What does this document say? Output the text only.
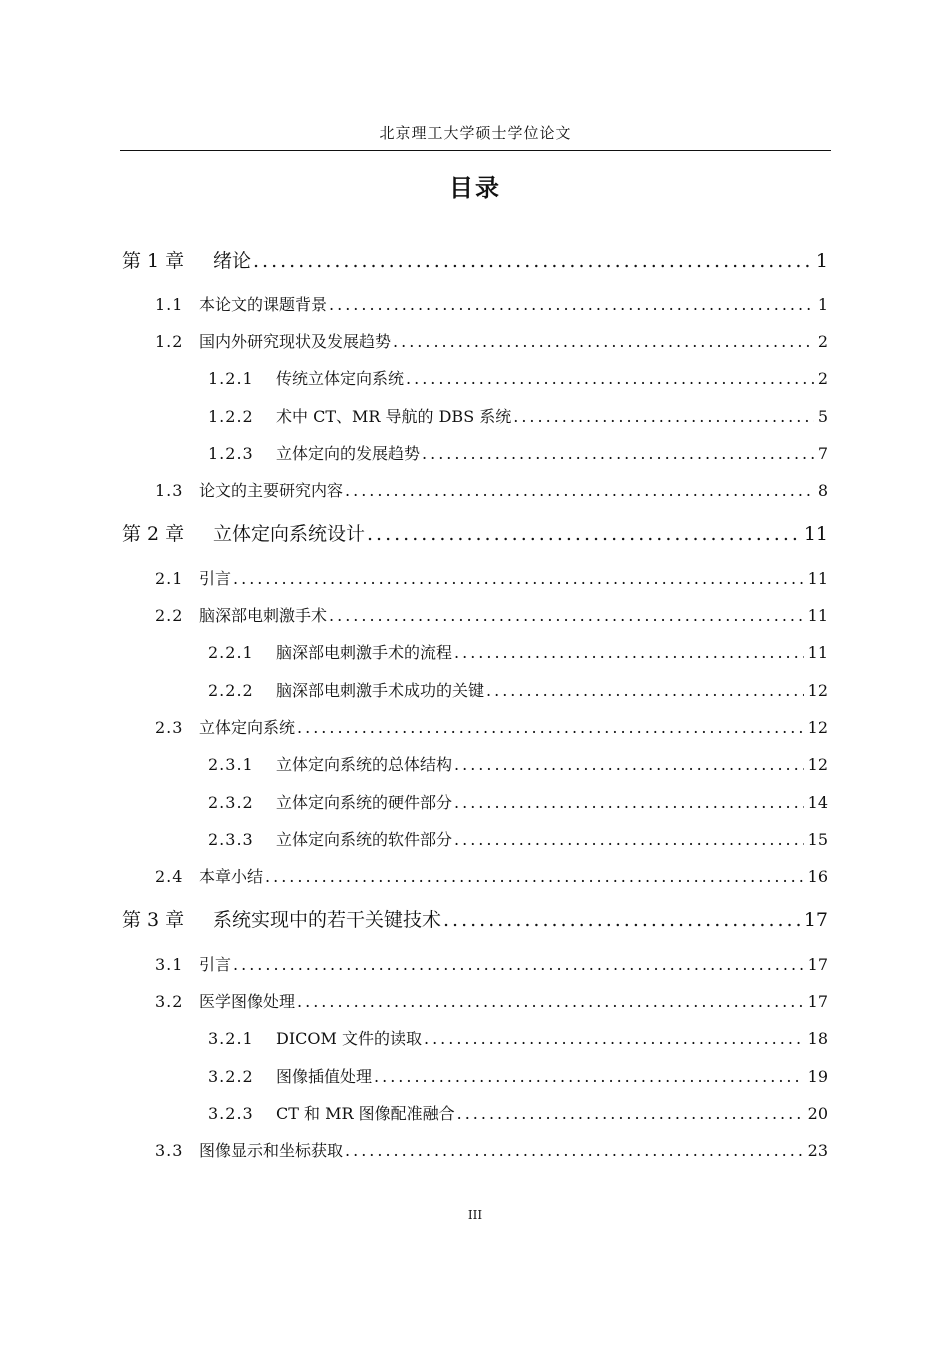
北京理工大学硕士学位论文
目录
第 1 章	绪论 .....	1
1.1 本论文的课题背景 .....	1
1.2 国内外研究现状及发展趋势 .....	2
1.2.1	传统立体定向系统 .....	2
1.2.2	术中 CT、MR 导航的 DBS 系统 .....	5
1.2.3	立体定向的发展趋势 .....	7
1.3 论文的主要研究内容 .....	8
第 2 章	立体定向系统设计 .....	11
2.1 引言 .....	11
2.2 脑深部电刺激手术 .....	11
2.2.1	脑深部电刺激手术的流程 .....	11
2.2.2	脑深部电刺激手术成功的关键 .....	12
2.3 立体定向系统 .....	12
2.3.1	立体定向系统的总体结构 .....	12
2.3.2	立体定向系统的硬件部分 .....	14
2.3.3	立体定向系统的软件部分 .....	15
2.4 本章小结 .....	16
第 3 章	系统实现中的若干关键技术 .....	17
3.1 引言 .....	17
3.2 医学图像处理 .....	17
3.2.1	DICOM 文件的读取 .....	18
3.2.2	图像插值处理 .....	19
3.2.3	CT 和 MR 图像配准融合 .....	20
3.3 图像显示和坐标获取 .....	23
III
